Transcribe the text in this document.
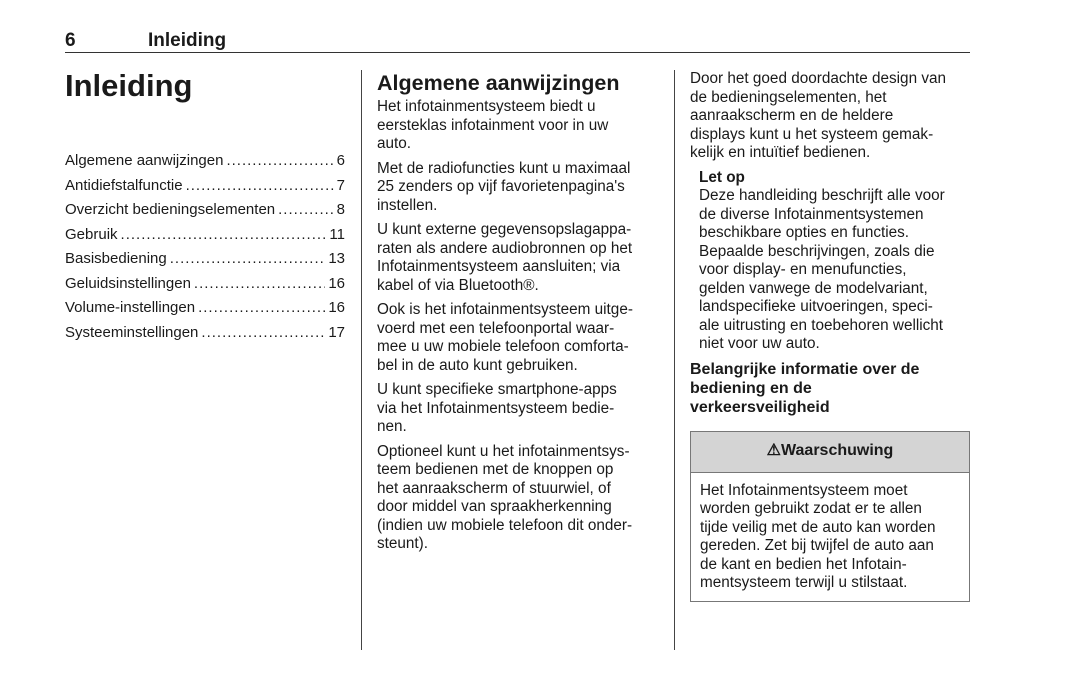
6	Inleiding
Inleiding
Algemene aanwijzingen .....	6
Antidiefstalfunctie .....	7
Overzicht bedieningselementen .....	8
Gebruik .....	11
Basisbediening .....	13
Geluidsinstellingen .....	16
Volume-instellingen .....	16
Systeeminstellingen .....	17
Algemene aanwijzingen

Het infotainmentsysteem biedt u
eersteklas infotainment voor in uw
auto.

Met de radiofuncties kunt u maximaal
25 zenders op vijf favorietenpagina's
instellen.

U kunt externe gegevensopslagappa-
raten als andere audiobronnen op het
Infotainmentsysteem aansluiten; via
kabel of via Bluetooth®.

Ook is het infotainmentsysteem uitge-
voerd met een telefoonportal waar-
mee u uw mobiele telefoon comforta-
bel in de auto kunt gebruiken.

U kunt specifieke smartphone-apps
via het Infotainmentsysteem bedie-
nen.

Optioneel kunt u het infotainmentsys-
teem bedienen met de knoppen op
het aanraakscherm of stuurwiel, of
door middel van spraakherkenning
(indien uw mobiele telefoon dit onder-
steunt).

Door het goed doordachte design van
de bedieningselementen, het
aanraakscherm en de heldere
displays kunt u het systeem gemak-
kelijk en intuïtief bedienen.

Let op

Deze handleiding beschrijft alle voor
de diverse Infotainmentsystemen
beschikbare opties en functies.
Bepaalde beschrijvingen, zoals die
voor display- en menufuncties,
gelden vanwege de modelvariant,
landspecifieke uitvoeringen, speci-
ale uitrusting en toebehoren wellicht
niet voor uw auto.

Belangrijke informatie over de
bediening en de
verkeersveiligheid
⚠ Waarschuwing
Het Infotainmentsysteem moet
worden gebruikt zodat er te allen
tijde veilig met de auto kan worden
gereden. Zet bij twijfel de auto aan
de kant en bedien het Infotain-
mentsysteem terwijl u stilstaat.
